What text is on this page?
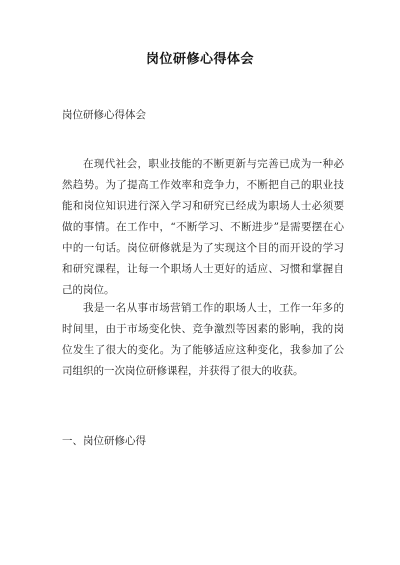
岗位研修心得体会
岗位研修心得体会

在现代社会，职业技能的不断更新与完善已成为一种必然趋势。为了提高工作效率和竞争力，不断把自己的职业技能和岗位知识进行深入学习和研究已经成为职场人士必须要做的事情。在工作中，“不断学习、不断进步”是需要摆在心中的一句话。岗位研修就是为了实现这个目的而开设的学习和研究课程，让每一个职场人士更好的适应、习惯和掌握自己的岗位。

我是一名从事市场营销工作的职场人士，工作一年多的时间里，由于市场变化快、竞争激烈等因素的影响，我的岗位发生了很大的变化。为了能够适应这种变化，我参加了公司组织的一次岗位研修课程，并获得了很大的收获。

一、岗位研修心得
